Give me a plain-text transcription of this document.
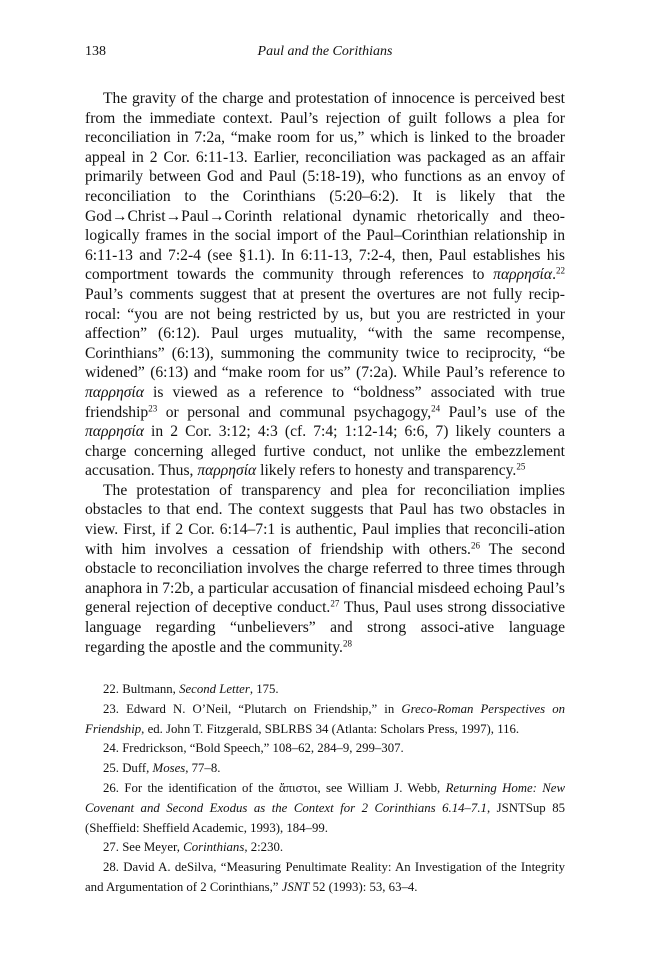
138	Paul and the Corithians

The gravity of the charge and protestation of innocence is perceived best from the immediate context. Paul’s rejection of guilt follows a plea for reconciliation in 7:2a, “make room for us,” which is linked to the broader appeal in 2 Cor. 6:11-13. Earlier, reconciliation was packaged as an affair primarily between God and Paul (5:18-19), who functions as an envoy of reconciliation to the Corinthians (5:20–6:2). It is likely that the God→Christ→Paul→Corinth relational dynamic rhetorically and theo-logically frames in the social import of the Paul–Corinthian relationship in 6:11-13 and 7:2-4 (see §1.1). In 6:11-13, 7:2-4, then, Paul establishes his comportment towards the community through references to παρρησία.$^{22}$ Paul’s comments suggest that at present the overtures are not fully recip-rocal: “you are not being restricted by us, but you are restricted in your affection” (6:12). Paul urges mutuality, “with the same recompense, Corinthians” (6:13), summoning the community twice to reciprocity, “be widened” (6:13) and “make room for us” (7:2a). While Paul’s reference to παρρησία is viewed as a reference to “boldness” associated with true friendship$^{23}$ or personal and communal psychagogy,$^{24}$ Paul’s use of the παρρησία in 2 Cor. 3:12; 4:3 (cf. 7:4; 1:12-14; 6:6, 7) likely counters a charge concerning alleged furtive conduct, not unlike the embezzlement accusation. Thus, παρρησία likely refers to honesty and transparency.$^{25}$

The protestation of transparency and plea for reconciliation implies obstacles to that end. The context suggests that Paul has two obstacles in view. First, if 2 Cor. 6:14–7:1 is authentic, Paul implies that reconcili-ation with him involves a cessation of friendship with others.$^{26}$ The second obstacle to reconciliation involves the charge referred to three times through anaphora in 7:2b, a particular accusation of financial misdeed echoing Paul’s general rejection of deceptive conduct.$^{27}$ Thus, Paul uses strong dissociative language regarding “unbelievers” and strong associ-ative language regarding the apostle and the community.$^{28}$

22. Bultmann, Second Letter, 175.

23. Edward N. O’Neil, “Plutarch on Friendship,” in Greco-Roman Perspectives on Friendship, ed. John T. Fitzgerald, SBLRBS 34 (Atlanta: Scholars Press, 1997), 116.

24. Fredrickson, “Bold Speech,” 108–62, 284–9, 299–307.

25. Duff, Moses, 77–8.

26. For the identification of the ἄπιστοι, see William J. Webb, Returning Home: New Covenant and Second Exodus as the Context for 2 Corinthians 6.14–7.1, JSNTSup 85 (Sheffield: Sheffield Academic, 1993), 184–99.

27. See Meyer, Corinthians, 2:230.

28. David A. deSilva, “Measuring Penultimate Reality: An Investigation of the Integrity and Argumentation of 2 Corinthians,” JSNT 52 (1993): 53, 63–4.
